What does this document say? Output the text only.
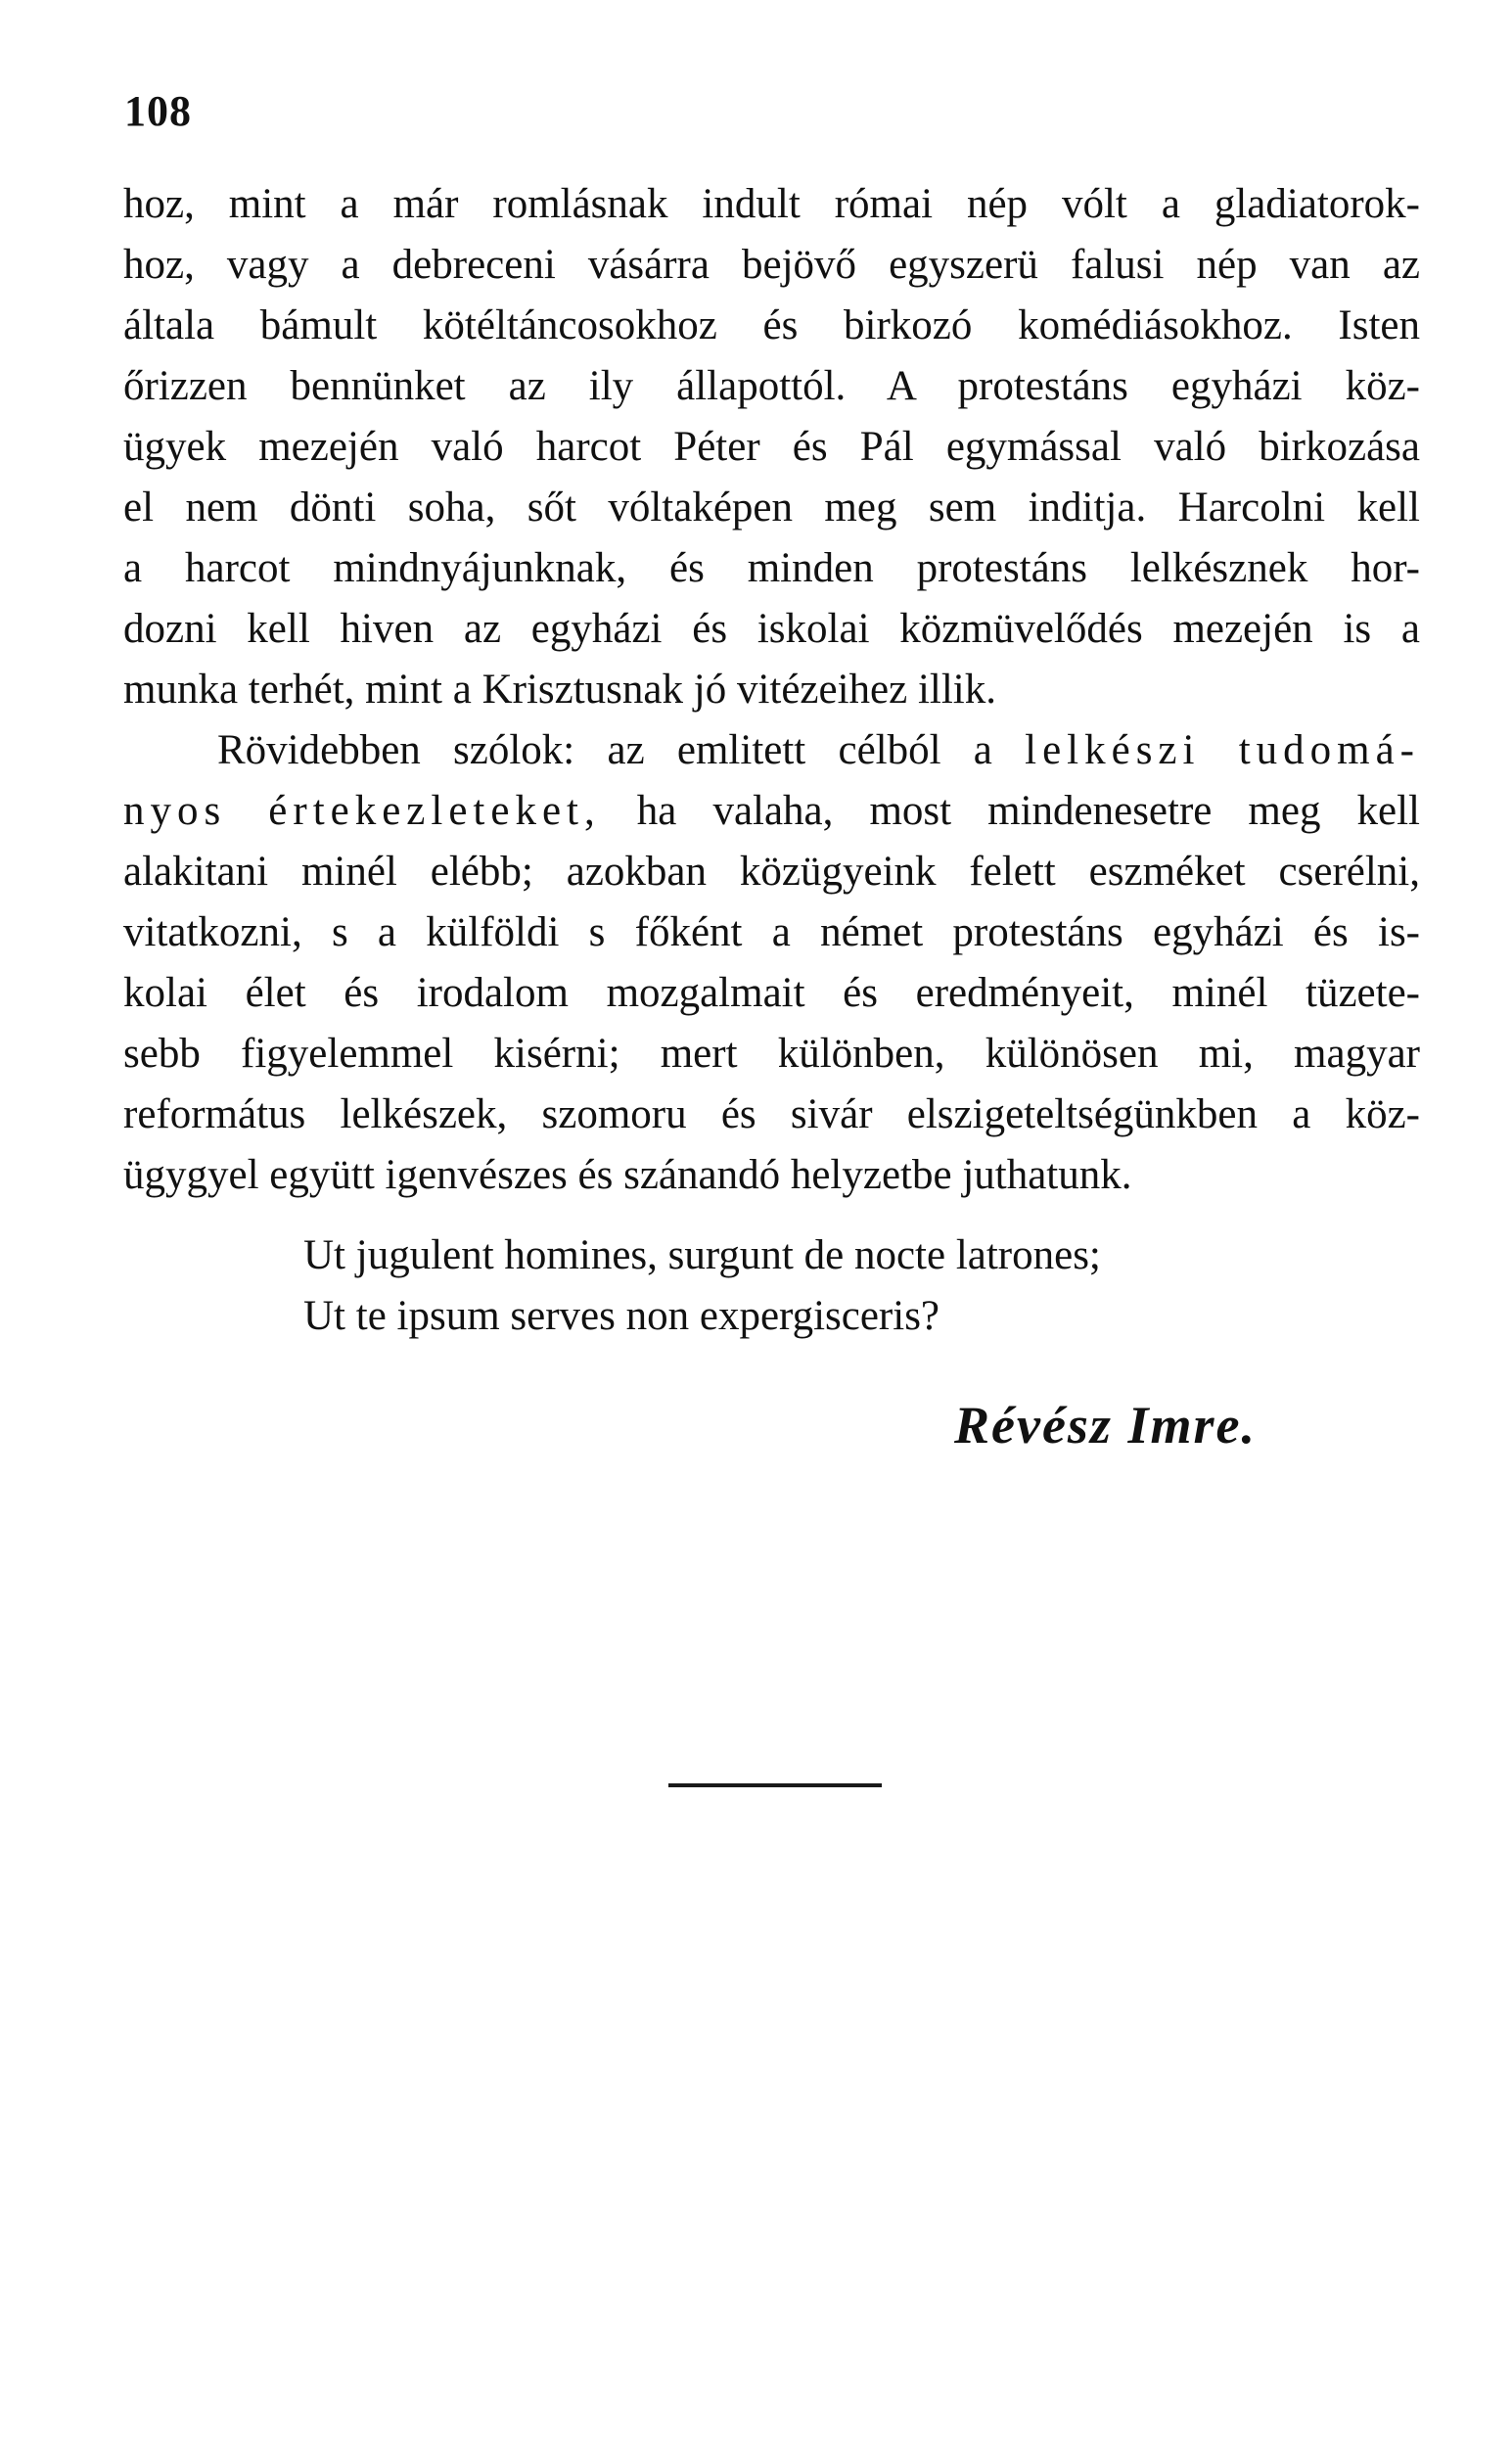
108
hoz, mint a már romlásnak indult római nép vólt a gladiatorok-
hoz, vagy a debreceni vásárra bejövő egyszerü falusi nép van az
általa bámult kötéltáncosokhoz és birkozó komédiásokhoz. Isten
őrizzen bennünket az ily állapottól. A protestáns egyházi köz-
ügyek mezején való harcot Péter és Pál egymással való birkozása
el nem dönti soha, sőt vóltaképen meg sem inditja. Harcolni kell
a harcot mindnyájunknak, és minden protestáns lelkésznek hor-
dozni kell hiven az egyházi és iskolai közmüvelődés mezején is a
munka terhét, mint a Krisztusnak jó vitézeihez illik.
Rövidebben szólok: az emlitett célból a lelkészi tudomá-
nyos értekezleteket, ha valaha, most mindenesetre meg kell
alakitani minél elébb; azokban közügyeink felett eszméket cserélni,
vitatkozni, s a külföldi s főként a német protestáns egyházi és is-
kolai élet és irodalom mozgalmait és eredményeit, minél tüzete-
sebb figyelemmel kisérni; mert különben, különösen mi, magyar
református lelkészek, szomoru és sivár elszigeteltségünkben a köz-
ügygyel együtt igenvészes és szánandó helyzetbe juthatunk.
Ut jugulent homines, surgunt de nocte latrones;
Ut te ipsum serves non expergisceris?
Révész Imre.
